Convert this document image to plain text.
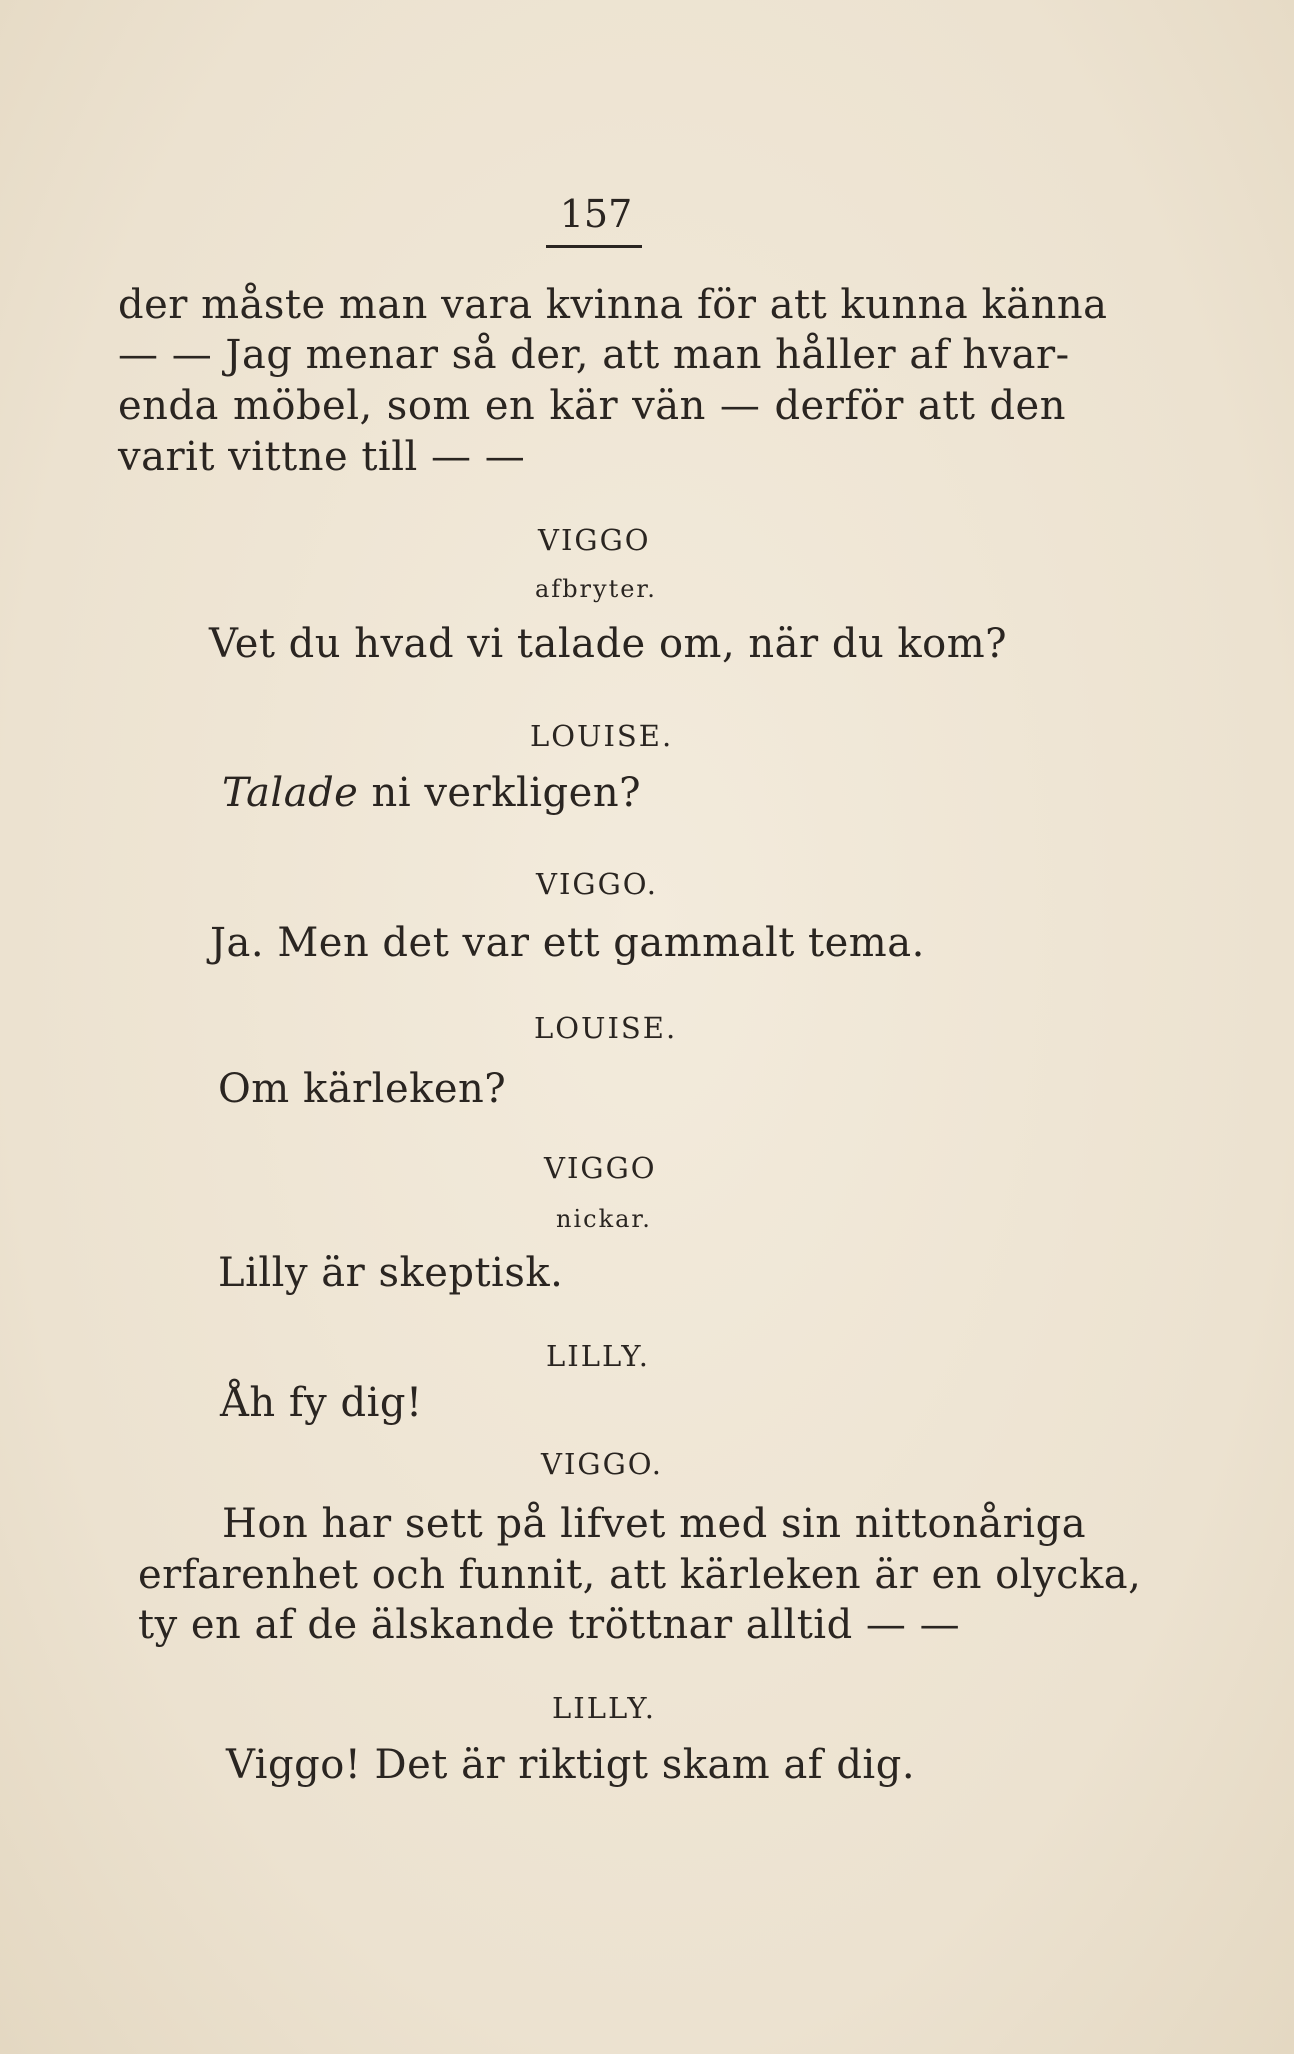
157
der måste man vara kvinna för att kunna känna
— — Jag menar så der, att man håller af hvar-
enda möbel, som en kär vän — derför att den
varit vittne till — —
VIGGO
afbryter.
Vet du hvad vi talade om, när du kom?
LOUISE.
Talade ni verkligen?
VIGGO.
Ja. Men det var ett gammalt tema.
LOUISE.
Om kärleken?
VIGGO
nickar.
Lilly är skeptisk.
LILLY.
Åh fy dig!
VIGGO.
Hon har sett på lifvet med sin nittonåriga
erfarenhet och funnit, att kärleken är en olycka,
ty en af de älskande tröttnar alltid — —
LILLY.
Viggo! Det är riktigt skam af dig.
